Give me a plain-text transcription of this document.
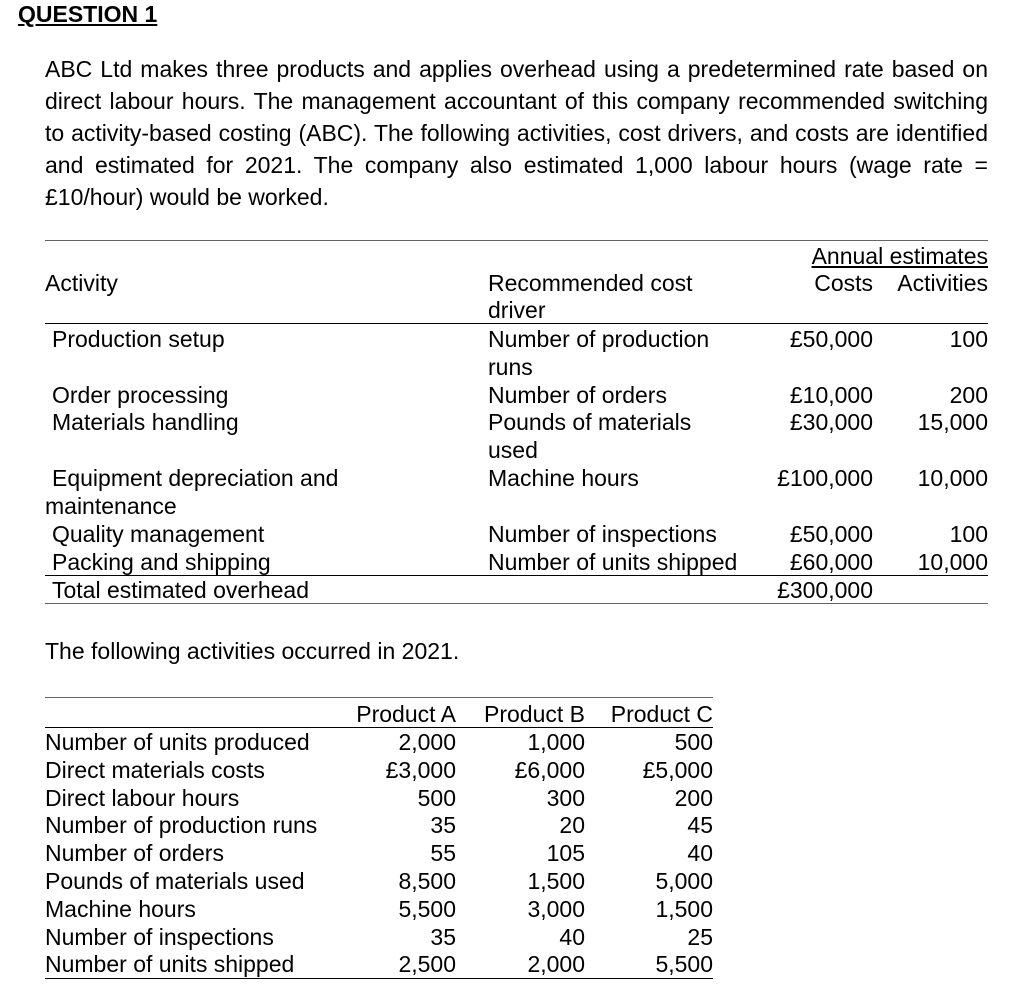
QUESTION 1
ABC Ltd makes three products and applies overhead using a predetermined rate based on direct labour hours. The management accountant of this company recommended switching to activity-based costing (ABC). The following activities, cost drivers, and costs are identified and estimated for 2021. The company also estimated 1,000 labour hours (wage rate = £10/hour) would be worked.
Annual estimates
Activity	Recommended cost
driver
Costs Activities
Production setup	Number of production
runs
£50,000	100
Order processing	Number of orders	£10,000	200
Materials handling	Pounds of materials
used
£30,000 15,000
Equipment depreciation and
maintenance
Machine hours	£100,000 10,000
Quality management	Number of inspections	£50,000	100
Packing and shipping	Number of units shipped £60,000 10,000
Total estimated overhead	£300,000
The following activities occurred in 2021.
Product A Product B Product C
Number of units produced	2,000	1,000	500
Direct materials costs	£3,000	£6,000	£5,000
Direct labour hours	500	300	200
Number of production runs	35	20	45
Number of orders	55	105	40
Pounds of materials used	8,500	1,500	5,000
Machine hours	5,500	3,000	1,500
Number of inspections	35	40	25
Number of units shipped	2,500	2,000	5,500
